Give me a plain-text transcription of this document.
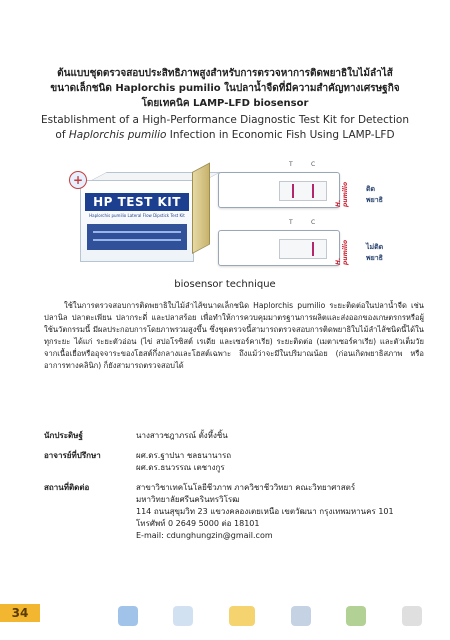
ต้นแบบชุดตรวจสอบประสิทธิภาพสูงสำหรับการตรวจหาการติดพยาธิใบไม้ลำไส้

ขนาดเล็กชนิด Haplorchis pumilio ในปลาน้ำจืดที่มีความสำคัญทางเศรษฐกิจ

โดยเทคนิค LAMP-LFD biosensor

Establishment of a High-Performance Diagnostic Test Kit for Detection

of Haplorchis pumilio Infection in Economic Fish Using LAMP-LFD

+
HP TEST KIT
Haplorchis pumilio Lateral Flow Dipstick Test Kit
T	C
H. pumilio ติดพยาธิ
T	C
H. pumilio ไม่ติดพยาธิ
biosensor technique

ใช้ในการตรวจสอบการติดพยาธิใบไม้ลำไส้ขนาดเล็กชนิด Haplorchis pumilio ระยะติดต่อในปลาน้ำจืด เช่น ปลานิล ปลาตะเพียน ปลากระดี่ และปลาสร้อย เพื่อทำให้การควบคุมมาตรฐานการผลิตและส่งออกของเกษตรกรหรือผู้ใช้นวัตกรรมนี้ มีผลประกอบการโดยภาพรวมสูงขึ้น ซึ่งชุดตรวจนี้สามารถตรวจสอบการติดพยาธิใบไม้ลำไส้ชนิดนี้ได้ในทุกระยะ ได้แก่ ระยะตัวอ่อน (ไข่ สปอโรซิสต์ เรเดีย และเซอร์คาเรีย) ระยะติดต่อ (เมตาเซอร์คาเรีย) และตัวเต็มวัย จากเนื้อเยื่อหรืออุจจาระของโฮสต์กึ่งกลางและโฮสต์เฉพาะ ถึงแม้ว่าจะมีในปริมาณน้อย (ก่อนเกิดพยาธิสภาพ หรืออาการทางคลินิก) ก็ยังสามารถตรวจสอบได้

นักประดิษฐ์	นางสาวชฎาภรณ์ ตั้งหึ้งชิ้น
อาจารย์ที่ปรึกษา	ผศ.ดร.ฐาปนา ชลธนานารถ
ผศ.ดร.ธนวรรณ เตชางกูร
สถานที่ติดต่อ	สาขาวิชาเทคโนโลยีชีวภาพ ภาควิชาชีววิทยา คณะวิทยาศาสตร์
มหาวิทยาลัยศรีนครินทรวิโรฒ
114 ถนนสุขุมวิท 23 แขวงคลองเตยเหนือ เขตวัฒนา กรุงเทพมหานคร 101
โทรศัพท์ 0 2649 5000 ต่อ 18101
E-mail: cdunghungzin@gmail.com
34
